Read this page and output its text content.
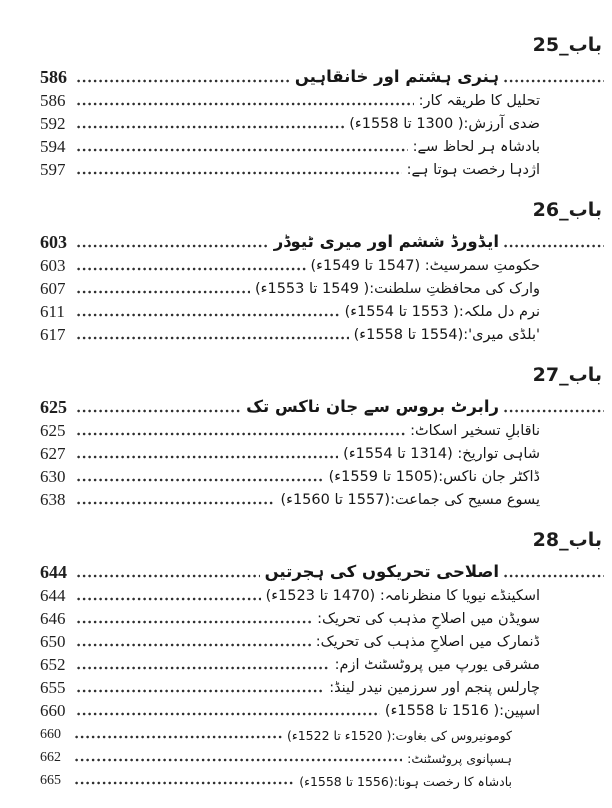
باب_25
586	ہنری ہشتم اور خانقاہیں
586	تحلیل کا طریقہ کار:
592	ضدی آرزش:( 1300 تا 1558ء)
594	بادشاہ ہر لحاظ سے:
597	اژدہا رخصت ہوتا ہے:
باب_26
603	ایڈورڈ ششم اور میری ٹیوڈر
603	حکومتِ سمرسیٹ: (1547 تا 1549ء)
607	وارک کی محافظتِ سلطنت:( 1549 تا 1553ء)
611	نرم دل ملکہ:( 1553 تا 1554ء)
617	'بلڈی میری':(1554 تا 1558ء)
باب_27
625	رابرٹ بروس سے جان ناکس تک
625	ناقابلِ تسخیر اسکاٹ:
627	شاہی تواریخ: (1314 تا 1554ء)
630	ڈاکٹر جان ناکس:(1505 تا 1559ء)
638	یسوع مسیح کی جماعت:(1557 تا 1560ء)
باب_28
644	اصلاحی تحریکوں کی ہجرتیں
644	اسکینڈے نیویا کا منظرنامہ: (1470 تا 1523ء)
646	سویڈن میں اصلاحِ مذہب کی تحریک:
650	ڈنمارک میں اصلاحِ مذہب کی تحریک:
652	مشرقی یورپ میں پروٹسٹنٹ ازم:
655	چارلس پنجم اور سرزمین نیدر لینڈ:
660	اسپین:( 1516 تا 1558ء)
660	کومونیروس کی بغاوت:( 1520ء تا 1522ء)
662	ہسپانوی پروٹسٹنٹ:
665	بادشاہ کا رخصت ہونا:(1556 تا 1558ء)
